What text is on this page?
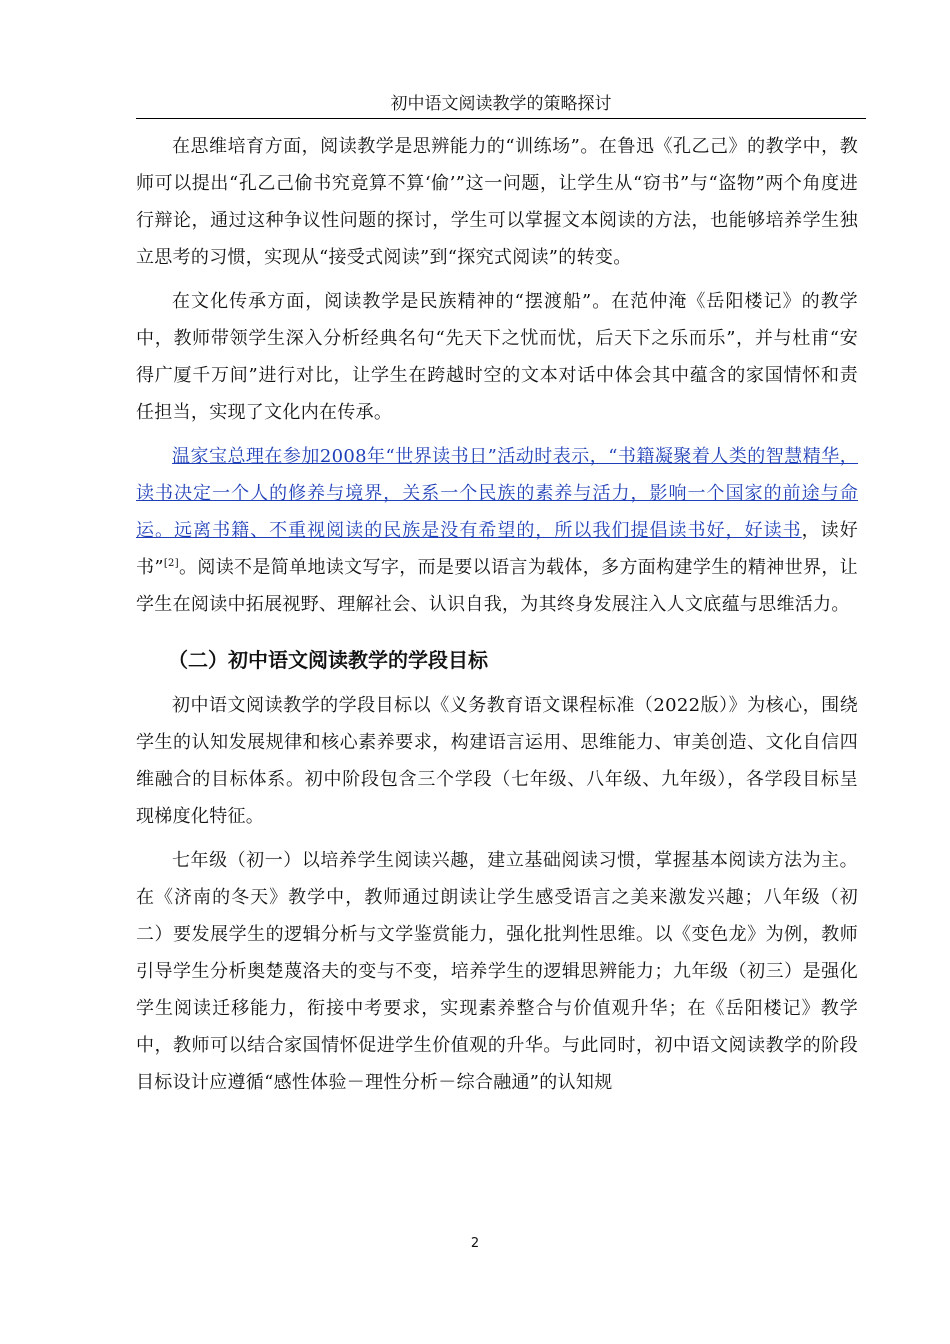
初中语文阅读教学的策略探讨

在思维培育方面，阅读教学是思辨能力的“训练场”。在鲁迅《孔乙己》的教学中，教师可以提出“孔乙己偷书究竟算不算‘偷’”这一问题，让学生从“窃书”与“盗物”两个角度进行辩论，通过这种争议性问题的探讨，学生可以掌握文本阅读的方法，也能够培养学生独立思考的习惯，实现从“接受式阅读”到“探究式阅读”的转变。

在文化传承方面，阅读教学是民族精神的“摆渡船”。在范仲淹《岳阳楼记》的教学中，教师带领学生深入分析经典名句“先天下之忧而忧，后天下之乐而乐”，并与杜甫“安得广厦千万间”进行对比，让学生在跨越时空的文本对话中体会其中蕴含的家国情怀和责任担当，实现了文化内在传承。

温家宝总理在参加2008年“世界读书日”活动时表示，“书籍凝聚着人类的智慧精华，读书决定一个人的修养与境界，关系一个民族的素养与活力，影响一个国家的前途与命运。远离书籍、不重视阅读的民族是没有希望的，所以我们提倡读书好，好读书，读好书”[2]。阅读不是简单地读文写字，而是要以语言为载体，多方面构建学生的精神世界，让学生在阅读中拓展视野、理解社会、认识自我，为其终身发展注入人文底蕴与思维活力。

（二）初中语文阅读教学的学段目标

初中语文阅读教学的学段目标以《义务教育语文课程标准（2022版）》为核心，围绕学生的认知发展规律和核心素养要求，构建语言运用、思维能力、审美创造、文化自信四维融合的目标体系。初中阶段包含三个学段（七年级、八年级、九年级），各学段目标呈现梯度化特征。

七年级（初一）以培养学生阅读兴趣，建立基础阅读习惯，掌握基本阅读方法为主。在《济南的冬天》教学中，教师通过朗读让学生感受语言之美来激发兴趣；八年级（初二）要发展学生的逻辑分析与文学鉴赏能力，强化批判性思维。以《变色龙》为例，教师引导学生分析奥楚蔑洛夫的变与不变，培养学生的逻辑思辨能力；九年级（初三）是强化学生阅读迁移能力，衔接中考要求，实现素养整合与价值观升华；在《岳阳楼记》教学中，教师可以结合家国情怀促进学生价值观的升华。与此同时，初中语文阅读教学的阶段目标设计应遵循“感性体验－理性分析－综合融通”的认知规

2
